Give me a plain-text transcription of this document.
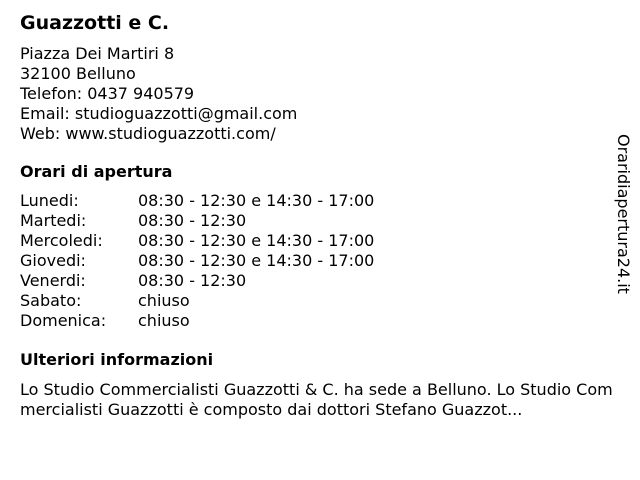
Guazzotti e C.
Piazza Dei Martiri 8
32100 Belluno
Telefon: 0437 940579
Email: studioguazzotti@gmail.com
Web: www.studioguazzotti.com/
Orari di apertura
Lunedi:	08:30 - 12:30 e 14:30 - 17:00
Martedi:	08:30 - 12:30
Mercoledi:	08:30 - 12:30 e 14:30 - 17:00
Giovedi:	08:30 - 12:30 e 14:30 - 17:00
Venerdi:	08:30 - 12:30
Sabato:	chiuso
Domenica:	chiuso
Ulteriori informazioni
Lo Studio Commercialisti Guazzotti & C. ha sede a Belluno. Lo Studio Commercialisti Guazzotti è composto dai dottori Stefano Guazzot...
Oraridiapertura24.it
